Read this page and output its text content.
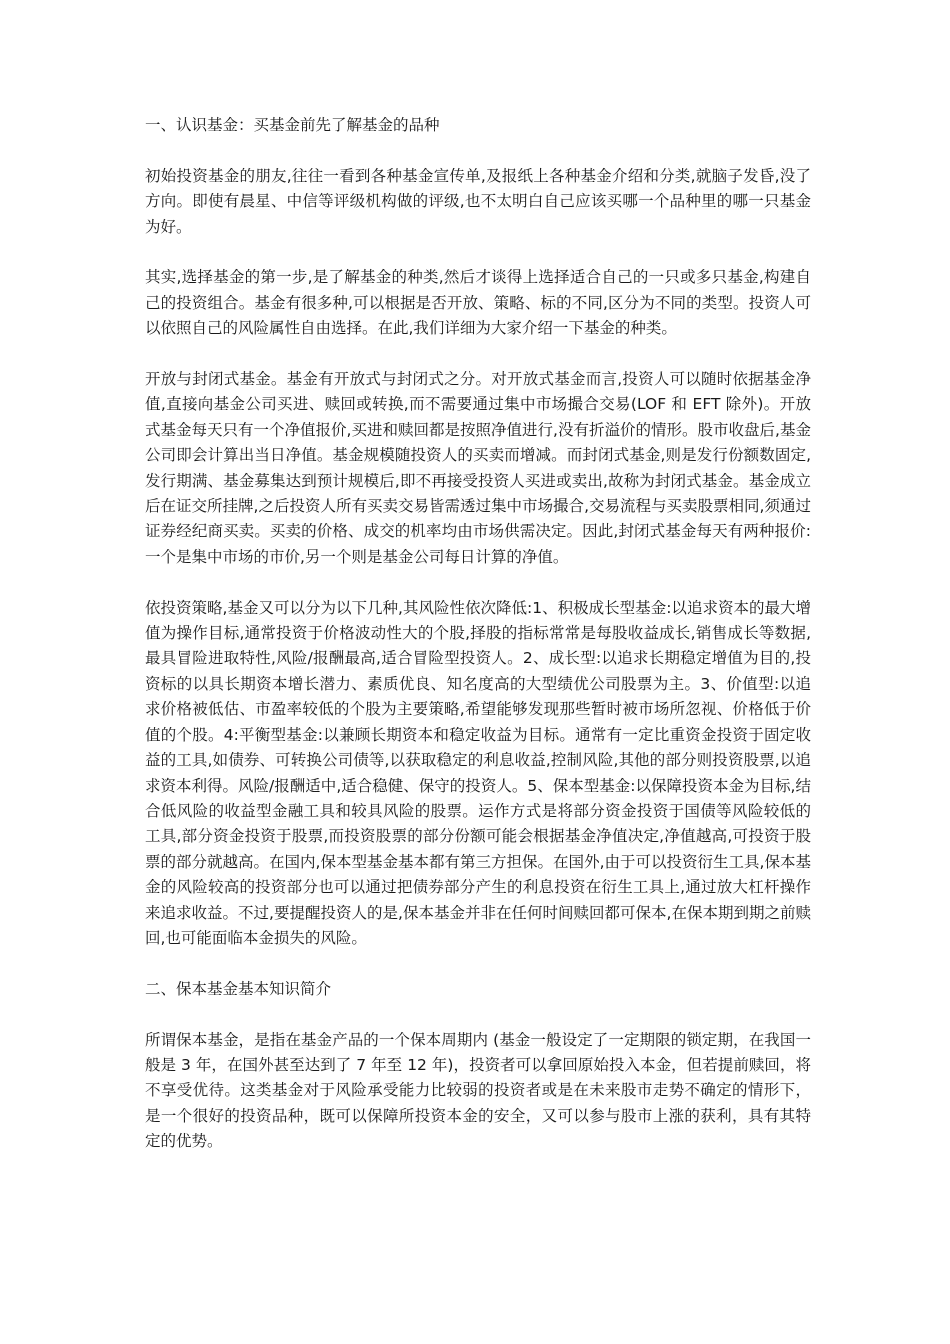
一、认识基金：买基金前先了解基金的品种

初始投资基金的朋友,往往一看到各种基金宣传单,及报纸上各种基金介绍和分类,就脑子发昏,没了方向。即使有晨星、中信等评级机构做的评级,也不太明白自己应该买哪一个品种里的哪一只基金为好。

其实,选择基金的第一步,是了解基金的种类,然后才谈得上选择适合自己的一只或多只基金,构建自己的投资组合。基金有很多种,可以根据是否开放、策略、标的不同,区分为不同的类型。投资人可以依照自己的风险属性自由选择。在此,我们详细为大家介绍一下基金的种类。

开放与封闭式基金。基金有开放式与封闭式之分。对开放式基金而言,投资人可以随时依据基金净值,直接向基金公司买进、赎回或转换,而不需要通过集中市场撮合交易(LOF 和 EFT 除外)。开放式基金每天只有一个净值报价,买进和赎回都是按照净值进行,没有折溢价的情形。股市收盘后,基金公司即会计算出当日净值。基金规模随投资人的买卖而增减。而封闭式基金,则是发行份额数固定,发行期满、基金募集达到预计规模后,即不再接受投资人买进或卖出,故称为封闭式基金。基金成立后在证交所挂牌,之后投资人所有买卖交易皆需透过集中市场撮合,交易流程与买卖股票相同,须通过证券经纪商买卖。买卖的价格、成交的机率均由市场供需决定。因此,封闭式基金每天有两种报价:一个是集中市场的市价,另一个则是基金公司每日计算的净值。

依投资策略,基金又可以分为以下几种,其风险性依次降低:1、积极成长型基金:以追求资本的最大增值为操作目标,通常投资于价格波动性大的个股,择股的指标常常是每股收益成长,销售成长等数据,最具冒险进取特性,风险/报酬最高,适合冒险型投资人。2、成长型:以追求长期稳定增值为目的,投资标的以具长期资本增长潜力、素质优良、知名度高的大型绩优公司股票为主。3、价值型:以追求价格被低估、市盈率较低的个股为主要策略,希望能够发现那些暂时被市场所忽视、价格低于价值的个股。4:平衡型基金:以兼顾长期资本和稳定收益为目标。通常有一定比重资金投资于固定收益的工具,如债券、可转换公司债等,以获取稳定的利息收益,控制风险,其他的部分则投资股票,以追求资本利得。风险/报酬适中,适合稳健、保守的投资人。5、保本型基金:以保障投资本金为目标,结合低风险的收益型金融工具和较具风险的股票。运作方式是将部分资金投资于国债等风险较低的工具,部分资金投资于股票,而投资股票的部分份额可能会根据基金净值决定,净值越高,可投资于股票的部分就越高。在国内,保本型基金基本都有第三方担保。在国外,由于可以投资衍生工具,保本基金的风险较高的投资部分也可以通过把债券部分产生的利息投资在衍生工具上,通过放大杠杆操作来追求收益。不过,要提醒投资人的是,保本基金并非在任何时间赎回都可保本,在保本期到期之前赎回,也可能面临本金损失的风险。

二、保本基金基本知识简介

所谓保本基金，是指在基金产品的一个保本周期内 (基金一般设定了一定期限的锁定期，在我国一般是 3 年，在国外甚至达到了 7 年至 12 年)，投资者可以拿回原始投入本金，但若提前赎回，将不享受优待。这类基金对于风险承受能力比较弱的投资者或是在未来股市走势不确定的情形下，是一个很好的投资品种，既可以保障所投资本金的安全，又可以参与股市上涨的获利，具有其特定的优势。
